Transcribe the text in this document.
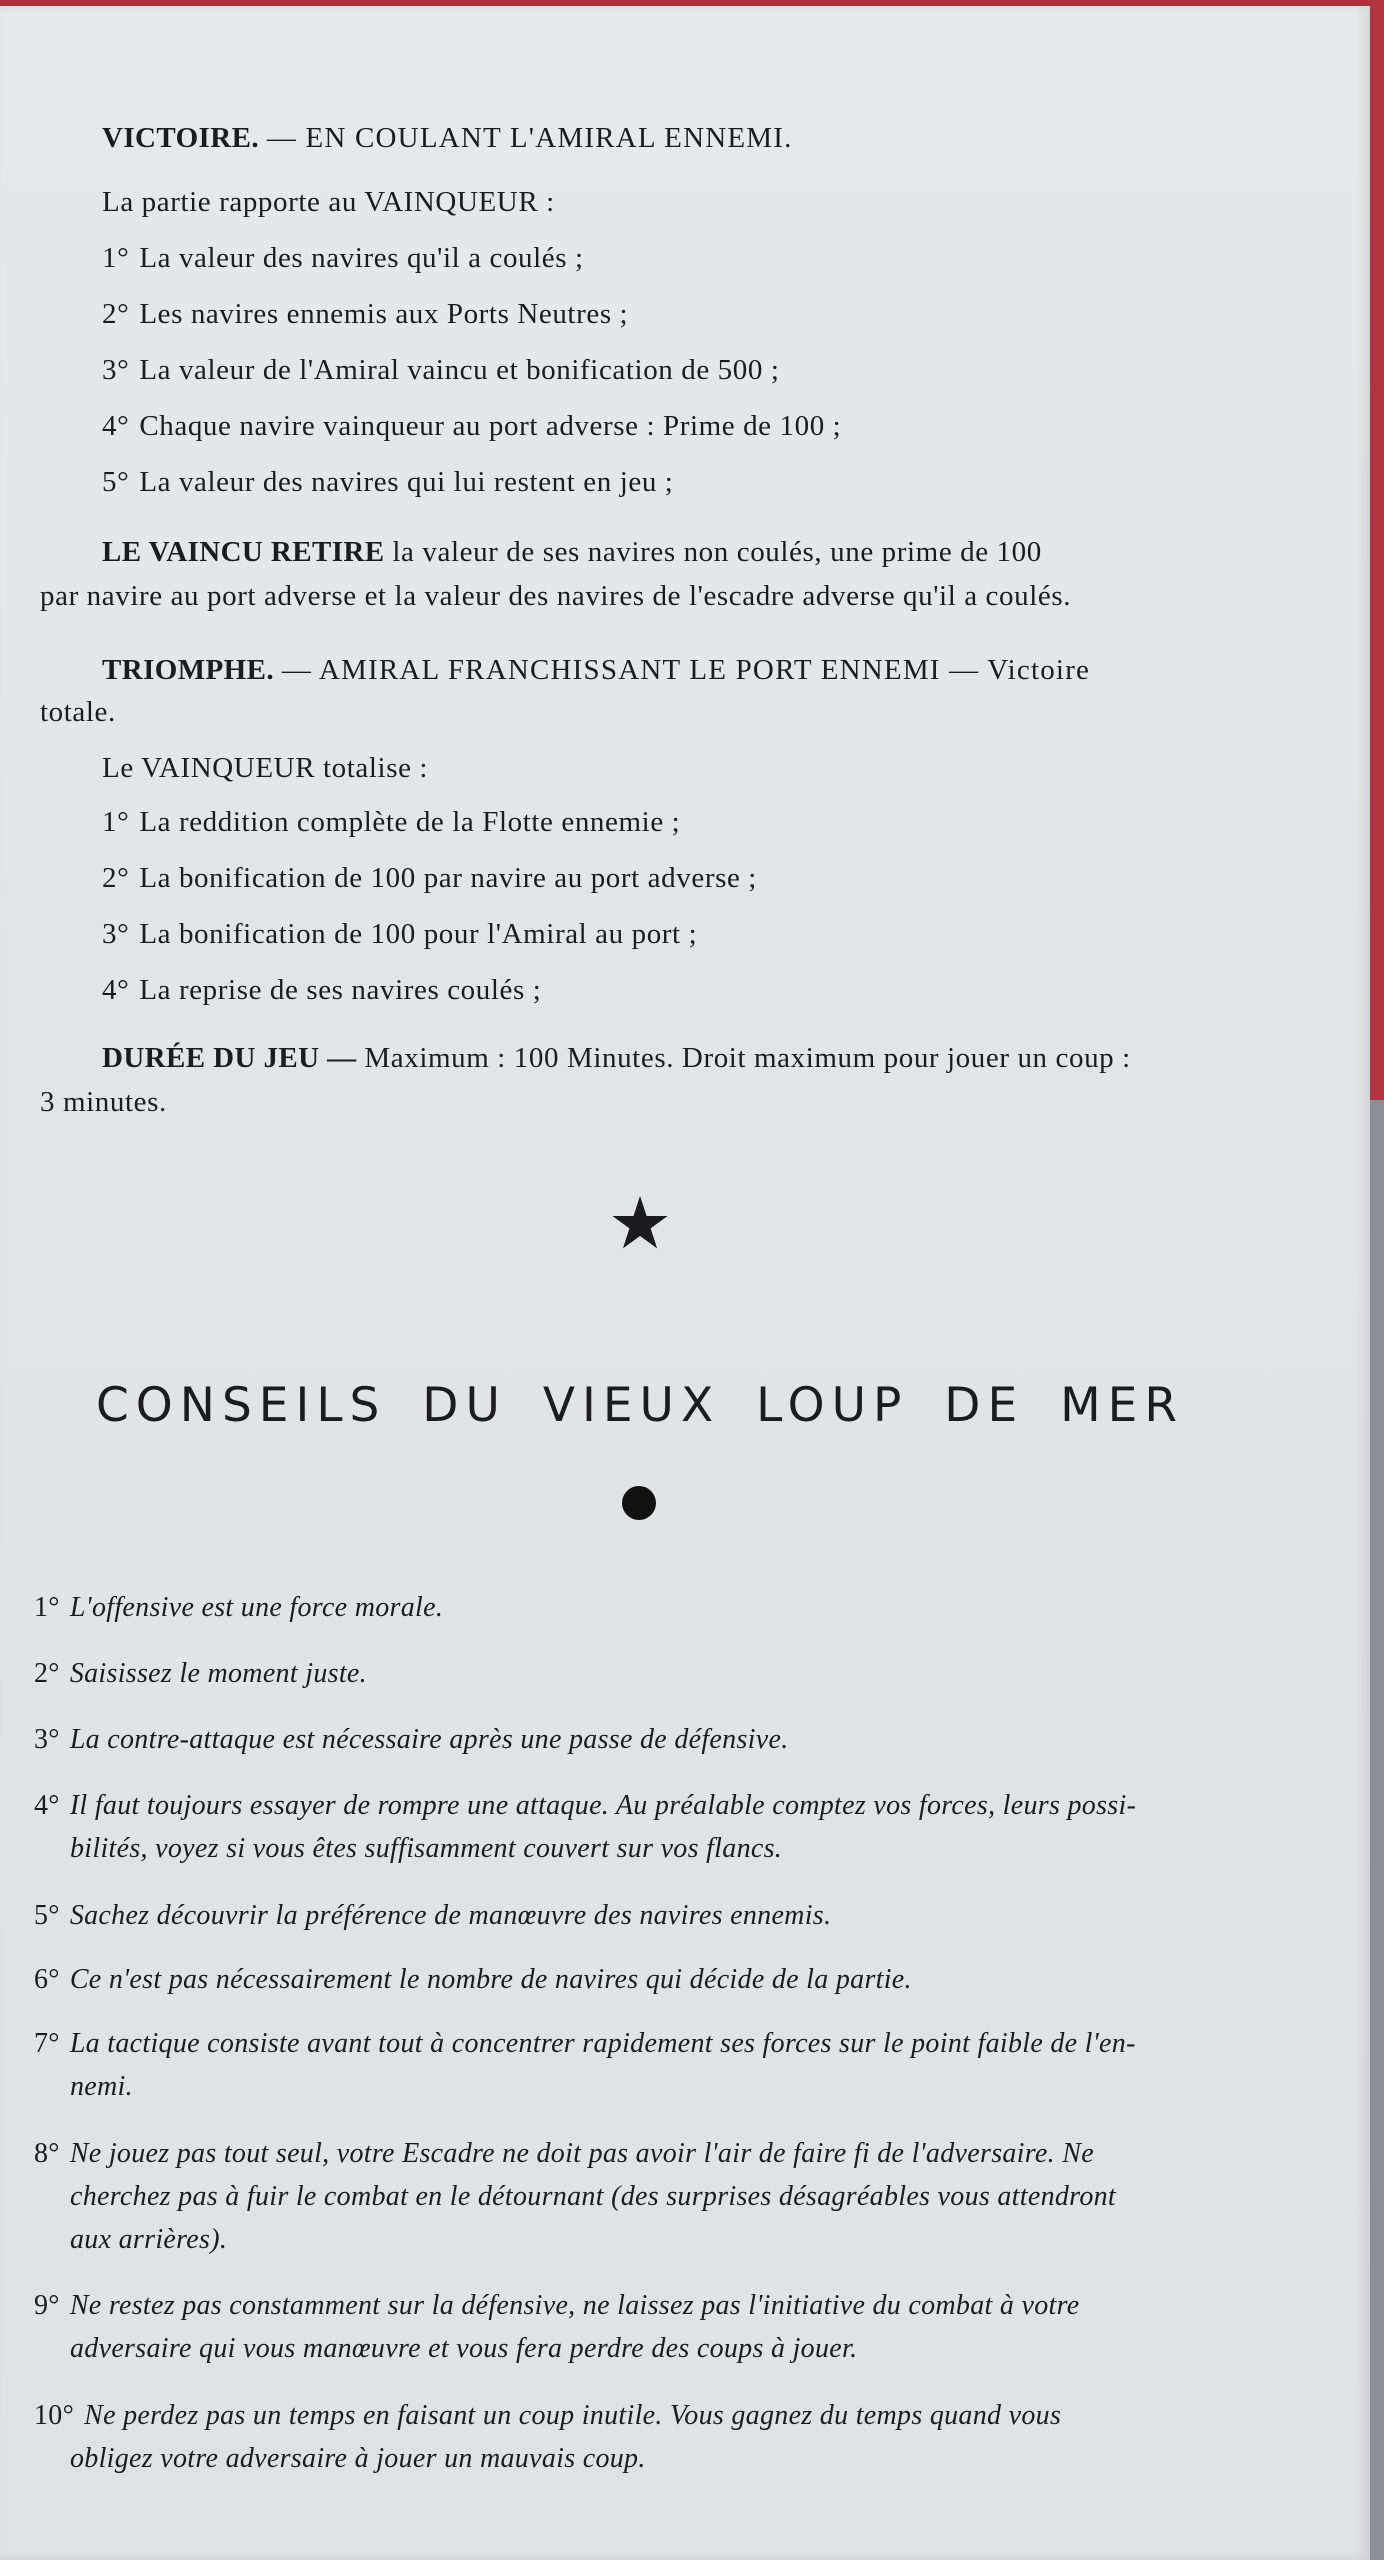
VICTOIRE. — EN COULANT L'AMIRAL ENNEMI.
La partie rapporte au VAINQUEUR :
1° La valeur des navires qu'il a coulés ;
2° Les navires ennemis aux Ports Neutres ;
3° La valeur de l'Amiral vaincu et bonification de 500 ;
4° Chaque navire vainqueur au port adverse : Prime de 100 ;
5° La valeur des navires qui lui restent en jeu ;
LE VAINCU RETIRE la valeur de ses navires non coulés, une prime de 100
par navire au port adverse et la valeur des navires de l'escadre adverse qu'il a coulés.
TRIOMPHE. — AMIRAL FRANCHISSANT LE PORT ENNEMI — Victoire
totale.
Le VAINQUEUR totalise :
1° La reddition complète de la Flotte ennemie ;
2° La bonification de 100 par navire au port adverse ;
3° La bonification de 100 pour l'Amiral au port ;
4° La reprise de ses navires coulés ;
DURÉE DU JEU — Maximum : 100 Minutes. Droit maximum pour jouer un coup :
3 minutes.
★
CONSEILS DU VIEUX LOUP DE MER
1° L'offensive est une force morale.
2° Saisissez le moment juste.
3° La contre-attaque est nécessaire après une passe de défensive.
4° Il faut toujours essayer de rompre une attaque. Au préalable comptez vos forces, leurs possi-
bilités, voyez si vous êtes suffisamment couvert sur vos flancs.
5° Sachez découvrir la préférence de manœuvre des navires ennemis.
6° Ce n'est pas nécessairement le nombre de navires qui décide de la partie.
7° La tactique consiste avant tout à concentrer rapidement ses forces sur le point faible de l'en-
nemi.
8° Ne jouez pas tout seul, votre Escadre ne doit pas avoir l'air de faire fi de l'adversaire. Ne
cherchez pas à fuir le combat en le détournant (des surprises désagréables vous attendront
aux arrières).
9° Ne restez pas constamment sur la défensive, ne laissez pas l'initiative du combat à votre
adversaire qui vous manœuvre et vous fera perdre des coups à jouer.
10° Ne perdez pas un temps en faisant un coup inutile. Vous gagnez du temps quand vous
obligez votre adversaire à jouer un mauvais coup.
